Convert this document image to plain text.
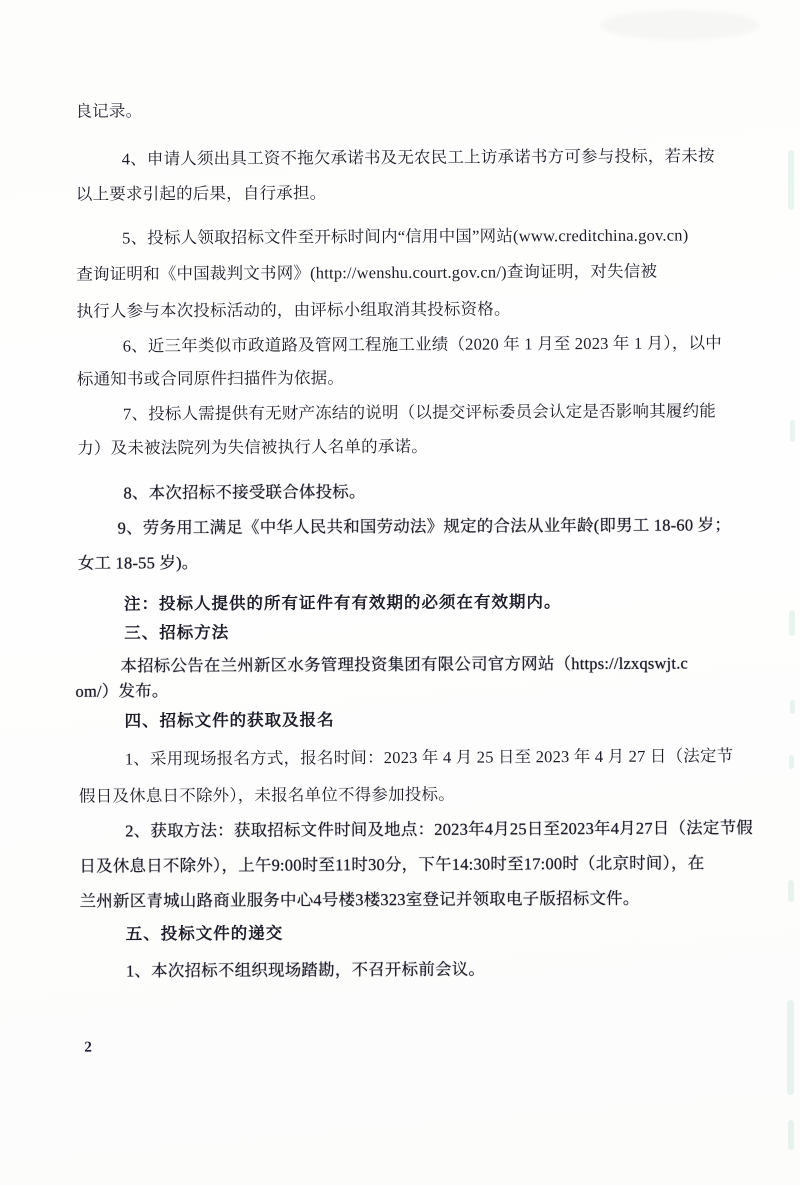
良记录。
4、申请人须出具工资不拖欠承诺书及无农民工上访承诺书方可参与投标，若未按
以上要求引起的后果，自行承担。
5、投标人领取招标文件至开标时间内“信用中国”网站(www.creditchina.gov.cn)
查询证明和《中国裁判文书网》(http://wenshu.court.gov.cn/)查询证明，对失信被
执行人参与本次投标活动的，由评标小组取消其投标资格。
6、近三年类似市政道路及管网工程施工业绩（2020 年 1 月至 2023 年 1 月），以中
标通知书或合同原件扫描件为依据。
7、投标人需提供有无财产冻结的说明（以提交评标委员会认定是否影响其履约能
力）及未被法院列为失信被执行人名单的承诺。
8、本次招标不接受联合体投标。
9、劳务用工满足《中华人民共和国劳动法》规定的合法从业年龄(即男工 18-60 岁；
女工 18-55 岁)。
注：投标人提供的所有证件有有效期的必须在有效期内。
三、招标方法
本招标公告在兰州新区水务管理投资集团有限公司官方网站（https://lzxqswjt.c
om/）发布。
四、招标文件的获取及报名
1、采用现场报名方式，报名时间：2023 年 4 月 25 日至 2023 年 4 月 27 日（法定节
假日及休息日不除外），未报名单位不得参加投标。
2、获取方法：获取招标文件时间及地点：2023年4月25日至2023年4月27日（法定节假
日及休息日不除外），上午9:00时至11时30分，下午14:30时至17:00时（北京时间），在
兰州新区青城山路商业服务中心4号楼3楼323室登记并领取电子版招标文件。
五、投标文件的递交
1、本次招标不组织现场踏勘，不召开标前会议。
2
